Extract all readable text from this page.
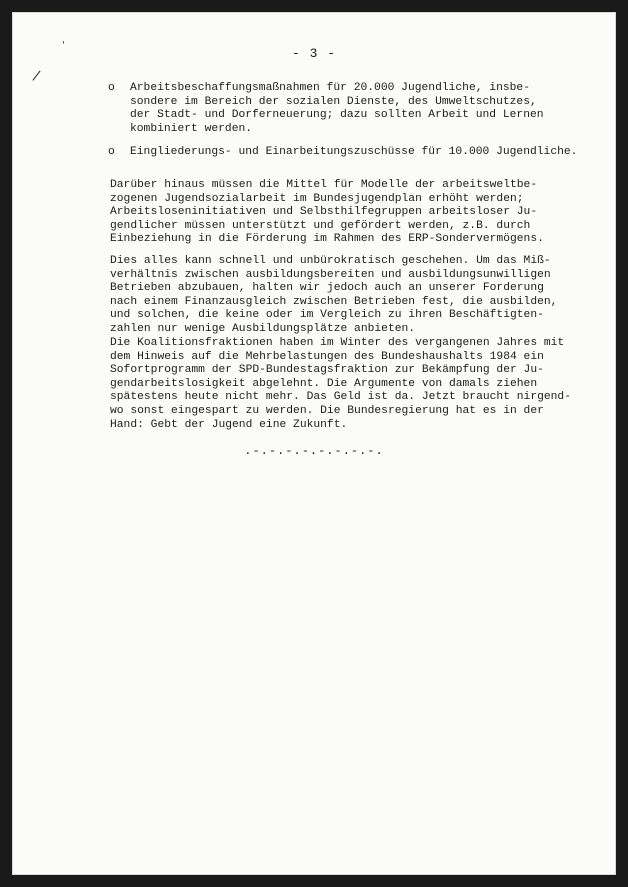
'
/
- 3 -
o Arbeitsbeschaffungsmaßnahmen für 20.000 Jugendliche, insbe-
sondere im Bereich der sozialen Dienste, des Umweltschutzes,
der Stadt- und Dorferneuerung; dazu sollten Arbeit und Lernen
kombiniert werden.
o Eingliederungs- und Einarbeitungszuschüsse für 10.000 Jugendliche.

Darüber hinaus müssen die Mittel für Modelle der arbeitsweltbe-
zogenen Jugendsozialarbeit im Bundesjugendplan erhöht werden;
Arbeitsloseninitiativen und Selbsthilfegruppen arbeitsloser Ju-
gendlicher müssen unterstützt und gefördert werden, z.B. durch
Einbeziehung in die Förderung im Rahmen des ERP-Sondervermögens.

Dies alles kann schnell und unbürokratisch geschehen. Um das Miß-
verhältnis zwischen ausbildungsbereiten und ausbildungsunwilligen
Betrieben abzubauen, halten wir jedoch auch an unserer Forderung
nach einem Finanzausgleich zwischen Betrieben fest, die ausbilden,
und solchen, die keine oder im Vergleich zu ihren Beschäftigten-
zahlen nur wenige Ausbildungsplätze anbieten.

Die Koalitionsfraktionen haben im Winter des vergangenen Jahres mit
dem Hinweis auf die Mehrbelastungen des Bundeshaushalts 1984 ein
Sofortprogramm der SPD-Bundestagsfraktion zur Bekämpfung der Ju-
gendarbeitslosigkeit abgelehnt. Die Argumente von damals ziehen
spätestens heute nicht mehr. Das Geld ist da. Jetzt braucht nirgend-
wo sonst eingespart zu werden. Die Bundesregierung hat es in der
Hand: Gebt der Jugend eine Zukunft.

.-.-.-.-.-.-.-.-.
